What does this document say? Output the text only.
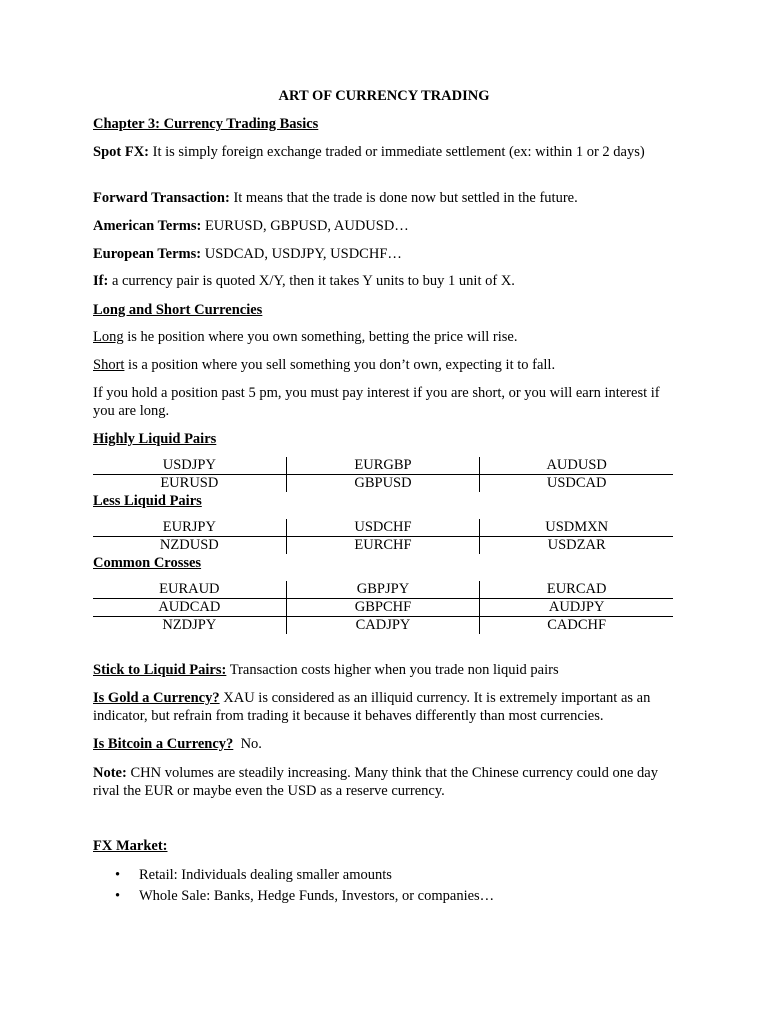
ART OF CURRENCY TRADING

Chapter 3: Currency Trading Basics

Spot FX: It is simply foreign exchange traded or immediate settlement (ex: within 1 or 2 days)

Forward Transaction: It means that the trade is done now but settled in the future.

American Terms: EURUSD, GBPUSD, AUDUSD…

European Terms: USDCAD, USDJPY, USDCHF…

If: a currency pair is quoted X/Y, then it takes Y units to buy 1 unit of X.

Long and Short Currencies

Long is he position where you own something, betting the price will rise.

Short is a position where you sell something you don’t own, expecting it to fall.

If you hold a position past 5 pm, you must pay interest if you are short, or you will earn interest if you are long.

Highly Liquid Pairs

USDJPY	EURGBP	AUDUSD
EURUSD	GBPUSD	USDCAD

Less Liquid Pairs

EURJPY	USDCHF	USDMXN
NZDUSD	EURCHF	USDZAR

Common Crosses

EURAUD	GBPJPY	EURCAD
AUDCAD	GBPCHF	AUDJPY
NZDJPY	CADJPY	CADCHF

Stick to Liquid Pairs: Transaction costs higher when you trade non liquid pairs

Is Gold a Currency? XAU is considered as an illiquid currency. It is extremely important as an indicator, but refrain from trading it because it behaves differently than most currencies.

Is Bitcoin a Currency?  No.

Note: CHN volumes are steadily increasing. Many think that the Chinese currency could one day rival the EUR or maybe even the USD as a reserve currency.

FX Market:

• Retail: Individuals dealing smaller amounts
• Whole Sale: Banks, Hedge Funds, Investors, or companies…
